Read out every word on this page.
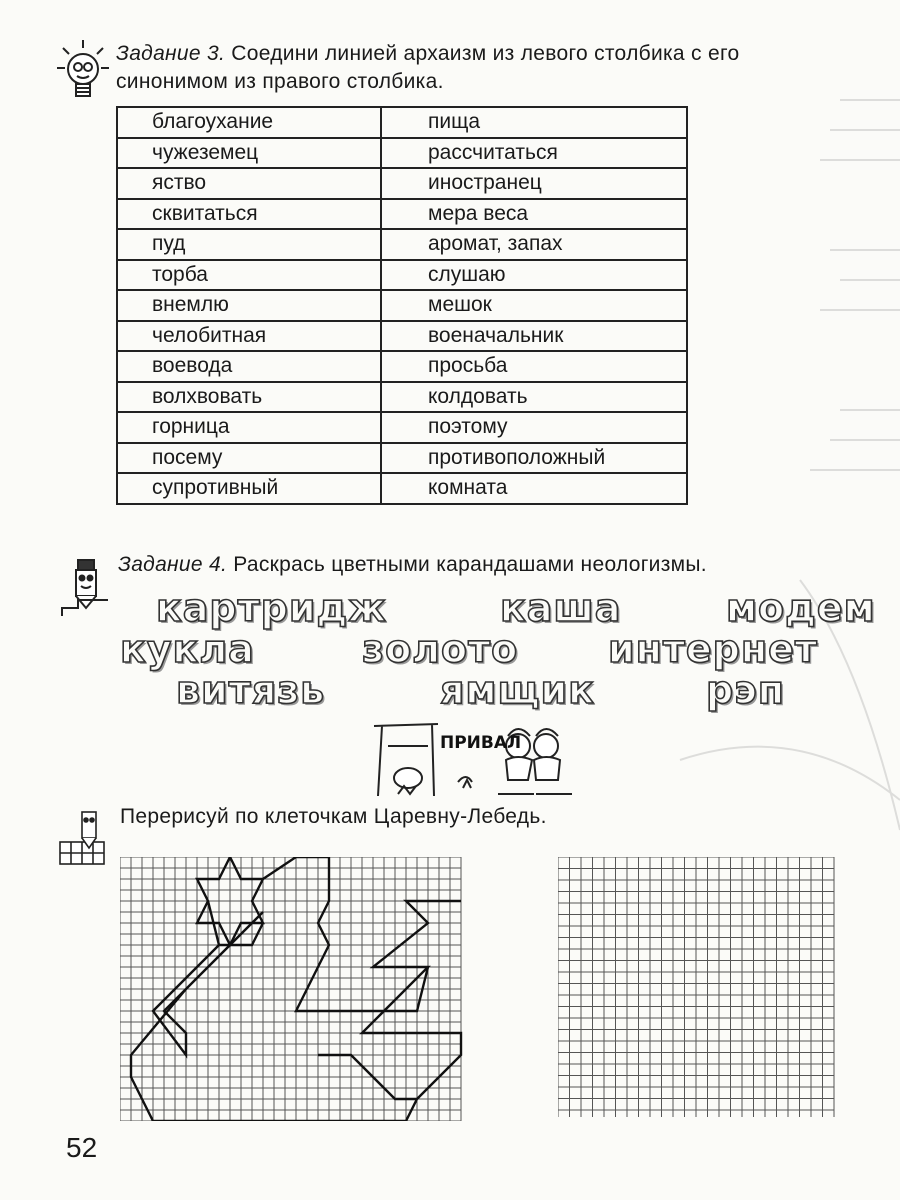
Задание 3. Соедини линией архаизм из левого столбика с его
синонимом из правого столбика.
благоухание	пища
чужеземец	рассчитаться
яство	иностранец
сквитаться	мера веса
пуд	аромат, запах
торба	слушаю
внемлю	мешок
челобитная	военачальник
воевода	просьба
волхвовать	колдовать
горница	поэтому
посему	противоположный
супротивный	комната
Задание 4. Раскрась цветными карандашами неологизмы.
картридж	каша	модем
кукла	золото интернет
витязь	ямщик	рэп
ПРИВАЛ
Перерисуй по клеточкам Царевну-Лебедь.
52
